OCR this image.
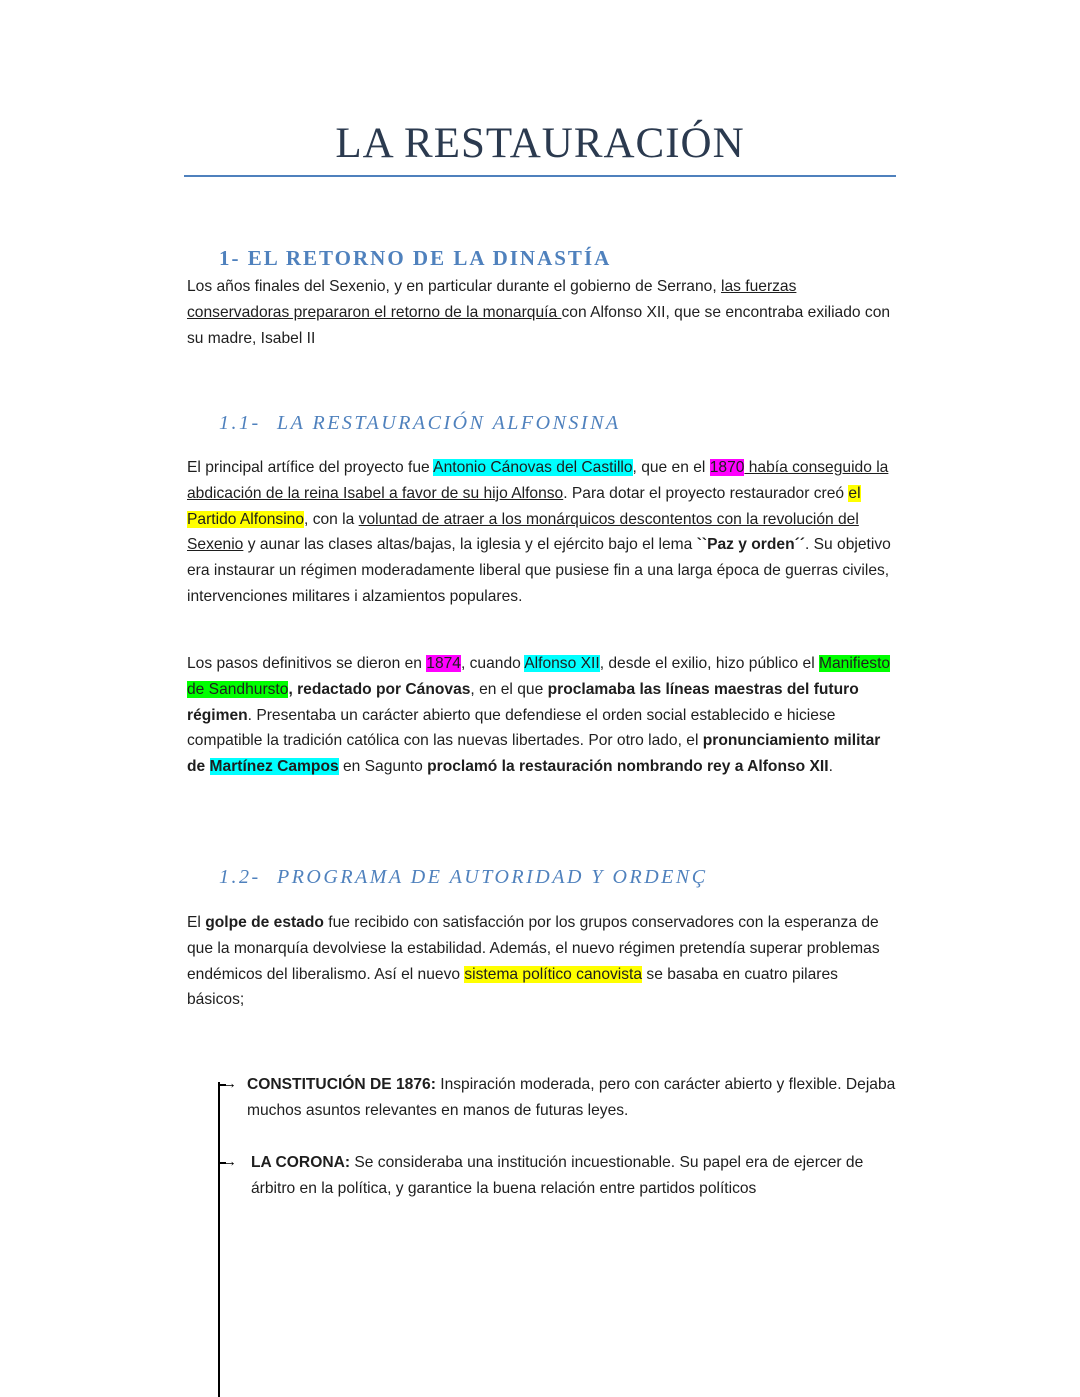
LA RESTAURACIÓN
1- EL RETORNO DE LA DINASTÍA
Los años finales del Sexenio, y en particular durante el gobierno de Serrano, las fuerzas conservadoras prepararon el retorno de la monarquía con Alfonso XII, que se encontraba exiliado con su madre, Isabel II
1.1- LA RESTAURACIÓN ALFONSINA
El principal artífice del proyecto fue Antonio Cánovas del Castillo, que en el 1870 había conseguido la abdicación de la reina Isabel a favor de su hijo Alfonso. Para dotar el proyecto restaurador creó el Partido Alfonsino, con la voluntad de atraer a los monárquicos descontentos con la revolución del Sexenio y aunar las clases altas/bajas, la iglesia y el ejército bajo el lema ``Paz y orden´´. Su objetivo era instaurar un régimen moderadamente liberal que pusiese fin a una larga época de guerras civiles, intervenciones militares i alzamientos populares.
Los pasos definitivos se dieron en 1874, cuando Alfonso XII, desde el exilio, hizo público el Manifiesto de Sandhursto, redactado por Cánovas, en el que proclamaba las líneas maestras del futuro régimen. Presentaba un carácter abierto que defendiese el orden social establecido e hiciese compatible la tradición católica con las nuevas libertades. Por otro lado, el pronunciamiento militar de Martínez Campos en Sagunto proclamó la restauración nombrando rey a Alfonso XII.
1.2- PROGRAMA DE AUTORIDAD Y ORDENÇ
El golpe de estado fue recibido con satisfacción por los grupos conservadores con la esperanza de que la monarquía devolviese la estabilidad. Además, el nuevo régimen pretendía superar problemas endémicos del liberalismo. Así el nuevo sistema político canovista se basaba en cuatro pilares básicos;
→
→
CONSTITUCIÓN DE 1876: Inspiración moderada, pero con carácter abierto y flexible. Dejaba muchos asuntos relevantes en manos de futuras leyes.
LA CORONA: Se consideraba una institución incuestionable. Su papel era de ejercer de árbitro en la política, y garantice la buena relación entre partidos políticos
